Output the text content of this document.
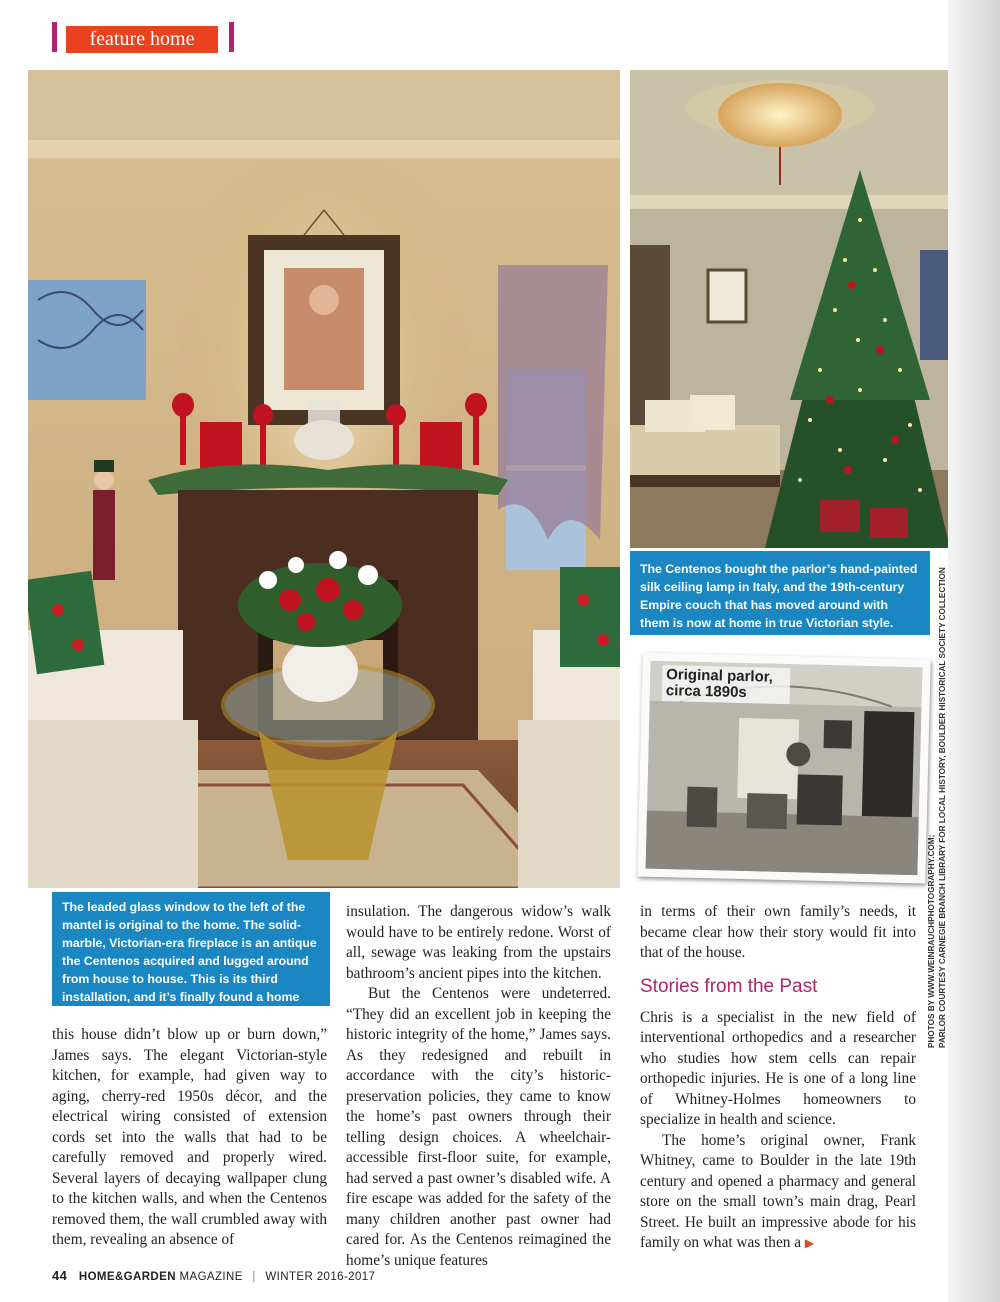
feature home
The Centenos bought the parlor’s hand-painted silk ceiling lamp in Italy, and the 19th-century Empire couch that has moved around with them is now at home in true Victorian style.
Original parlor, circa 1890s
PHOTOS BY WWW.WEINRAUCHPHOTOGRAPHY.COM; PARLOR COURTESY CARNEGIE BRANCH LIBRARY FOR LOCAL HISTORY, BOULDER HISTORICAL SOCIETY COLLECTION
The leaded glass window to the left of the mantel is original to the home. The solid-marble, Victorian-era fireplace is an antique the Centenos acquired and lugged around from house to house. This is its third installation, and it’s finally found a home that fits its style.

this house didn’t blow up or burn down,” James says. The elegant Victorian-style kitchen, for example, had given way to aging, cherry-red 1950s décor, and the electrical wiring consisted of extension cords set into the walls that had to be carefully removed and properly wired. Several layers of decaying wallpaper clung to the kitchen walls, and when the Centenos removed them, the wall crumbled away with them, revealing an absence of

insulation. The dangerous widow’s walk would have to be entirely redone. Worst of all, sewage was leaking from the upstairs bathroom’s ancient pipes into the kitchen.

But the Centenos were undeterred. “They did an excellent job in keeping the historic integrity of the home,” James says. As they redesigned and rebuilt in accordance with the city’s historic-preservation policies, they came to know the home’s past owners through their telling design choices. A wheelchair-accessible first-floor suite, for example, had served a past owner’s disabled wife. A fire escape was added for the safety of the many children another past owner had cared for. As the Centenos reimagined the home’s unique features

in terms of their own family’s needs, it became clear how their story would fit into that of the house.

Stories from the Past

Chris is a specialist in the new field of interventional orthopedics and a researcher who studies how stem cells can repair orthopedic injuries. He is one of a long line of Whitney-Holmes homeowners to specialize in health and science.

The home’s original owner, Frank Whitney, came to Boulder in the late 19th century and opened a pharmacy and general store on the small town’s main drag, Pearl Street. He built an impressive abode for his family on what was then a ▶

44 HOME&GARDEN MAGAZINE | WINTER 2016-2017
